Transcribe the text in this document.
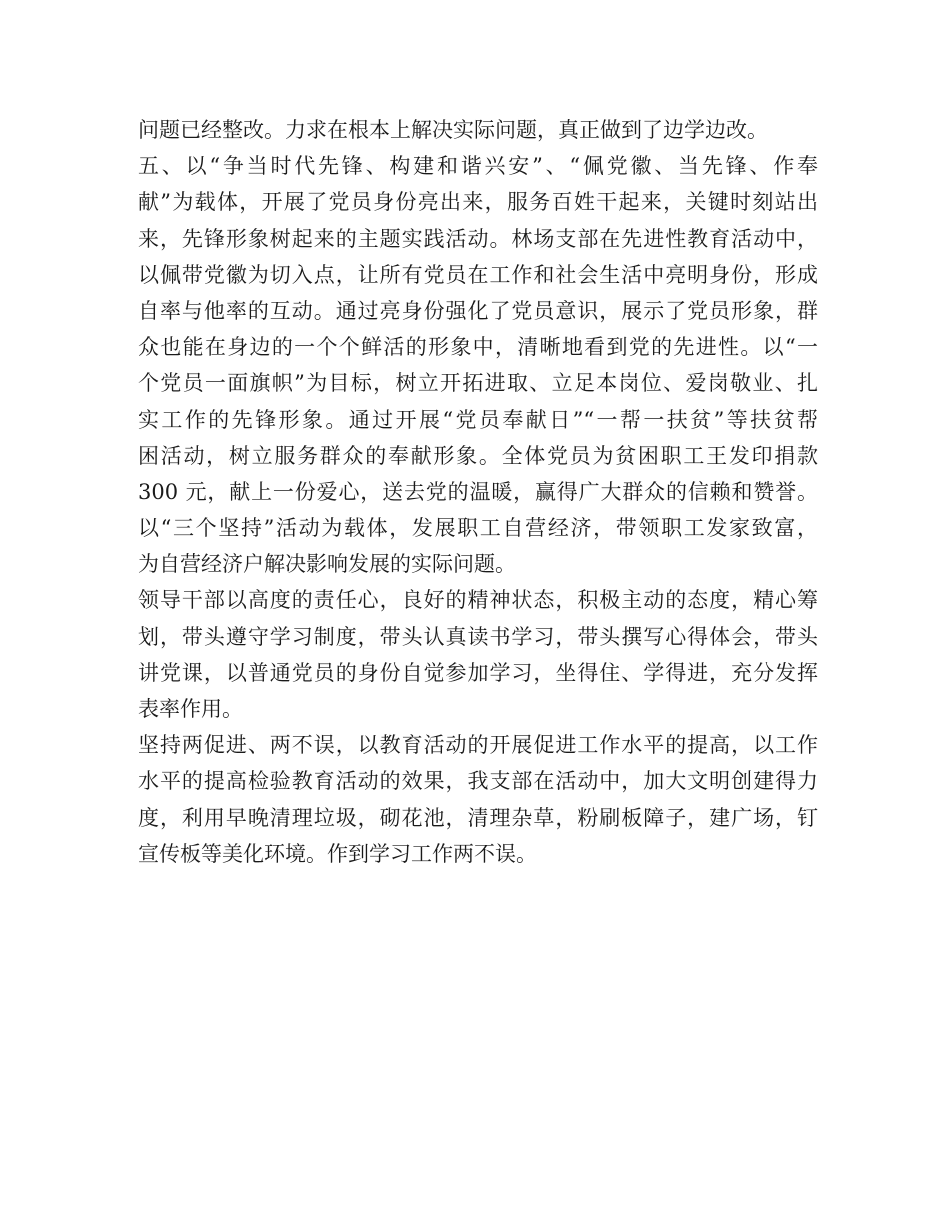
问题已经整改。力求在根本上解决实际问题，真正做到了边学边改。
五、以“争当时代先锋、构建和谐兴安”、“佩党徽、当先锋、作奉
献”为载体，开展了党员身份亮出来，服务百姓干起来，关键时刻站出
来，先锋形象树起来的主题实践活动。林场支部在先进性教育活动中，
以佩带党徽为切入点，让所有党员在工作和社会生活中亮明身份，形成
自率与他率的互动。通过亮身份强化了党员意识，展示了党员形象，群
众也能在身边的一个个鲜活的形象中，清晰地看到党的先进性。以“一
个党员一面旗帜”为目标，树立开拓进取、立足本岗位、爱岗敬业、扎
实工作的先锋形象。通过开展“党员奉献日”“一帮一扶贫”等扶贫帮
困活动，树立服务群众的奉献形象。全体党员为贫困职工王发印捐款
300 元，献上一份爱心，送去党的温暖，赢得广大群众的信赖和赞誉。
以“三个坚持”活动为载体，发展职工自营经济，带领职工发家致富，
为自营经济户解决影响发展的实际问题。
领导干部以高度的责任心，良好的精神状态，积极主动的态度，精心筹
划，带头遵守学习制度，带头认真读书学习，带头撰写心得体会，带头
讲党课，以普通党员的身份自觉参加学习，坐得住、学得进，充分发挥
表率作用。
坚持两促进、两不误，以教育活动的开展促进工作水平的提高，以工作
水平的提高检验教育活动的效果，我支部在活动中，加大文明创建得力
度，利用早晚清理垃圾，砌花池，清理杂草，粉刷板障子，建广场，钉
宣传板等美化环境。作到学习工作两不误。
